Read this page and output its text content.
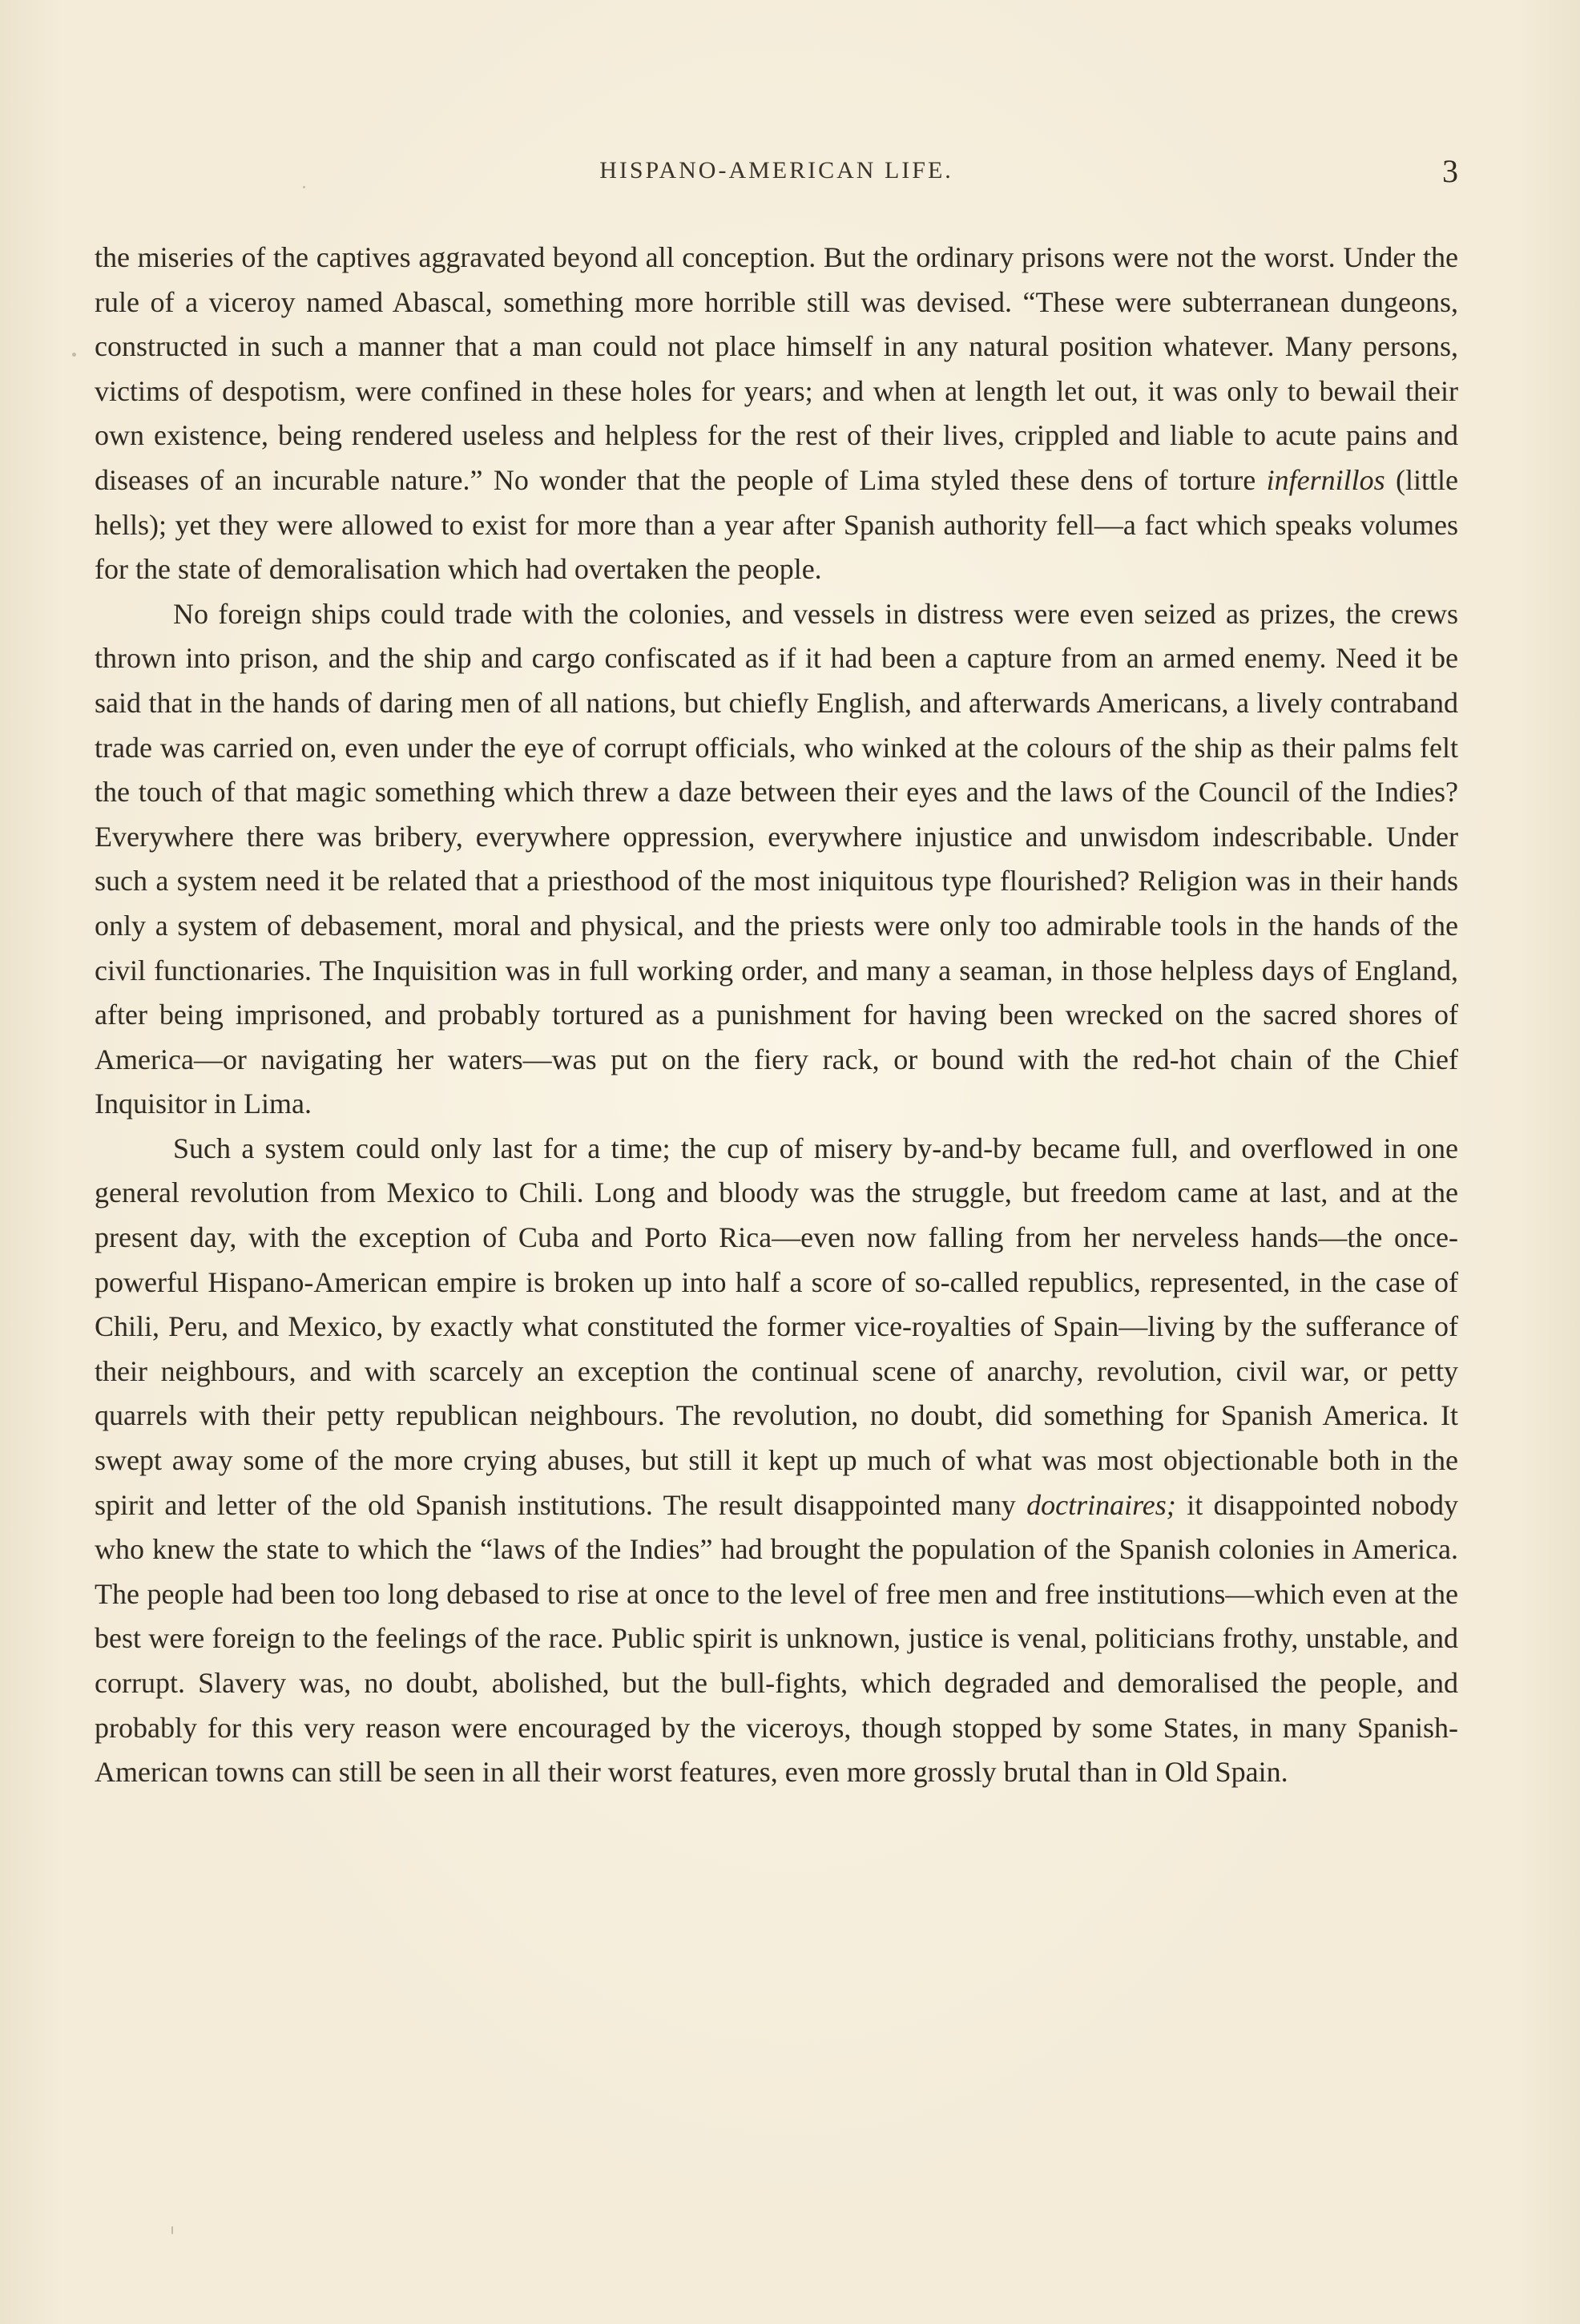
HISPANO-AMERICAN LIFE.	3

the miseries of the captives aggravated beyond all conception. But the ordinary prisons were not the worst. Under the rule of a viceroy named Abascal, something more horrible still was devised. “These were subterranean dungeons, constructed in such a manner that a man could not place himself in any natural position whatever. Many persons, victims of despotism, were confined in these holes for years; and when at length let out, it was only to bewail their own existence, being rendered useless and helpless for the rest of their lives, crippled and liable to acute pains and diseases of an incurable nature.” No wonder that the people of Lima styled these dens of torture infernillos (little hells); yet they were allowed to exist for more than a year after Spanish authority fell—a fact which speaks volumes for the state of demoralisation which had overtaken the people.

No foreign ships could trade with the colonies, and vessels in distress were even seized as prizes, the crews thrown into prison, and the ship and cargo confiscated as if it had been a capture from an armed enemy. Need it be said that in the hands of daring men of all nations, but chiefly English, and afterwards Americans, a lively contraband trade was carried on, even under the eye of corrupt officials, who winked at the colours of the ship as their palms felt the touch of that magic something which threw a daze between their eyes and the laws of the Council of the Indies? Everywhere there was bribery, everywhere oppression, everywhere injustice and unwisdom indescribable. Under such a system need it be related that a priesthood of the most iniquitous type flourished? Religion was in their hands only a system of debasement, moral and physical, and the priests were only too admirable tools in the hands of the civil functionaries. The Inquisition was in full working order, and many a seaman, in those helpless days of England, after being imprisoned, and probably tortured as a punishment for having been wrecked on the sacred shores of America—or navigating her waters—was put on the fiery rack, or bound with the red-hot chain of the Chief Inquisitor in Lima.

Such a system could only last for a time; the cup of misery by-and-by became full, and overflowed in one general revolution from Mexico to Chili. Long and bloody was the struggle, but freedom came at last, and at the present day, with the exception of Cuba and Porto Rica—even now falling from her nerveless hands—the once-powerful Hispano-American empire is broken up into half a score of so-called republics, represented, in the case of Chili, Peru, and Mexico, by exactly what constituted the former vice-royalties of Spain—living by the sufferance of their neighbours, and with scarcely an exception the continual scene of anarchy, revolution, civil war, or petty quarrels with their petty republican neighbours. The revolution, no doubt, did something for Spanish America. It swept away some of the more crying abuses, but still it kept up much of what was most objectionable both in the spirit and letter of the old Spanish institutions. The result disappointed many doctrinaires; it disappointed nobody who knew the state to which the “laws of the Indies” had brought the population of the Spanish colonies in America. The people had been too long debased to rise at once to the level of free men and free institutions—which even at the best were foreign to the feelings of the race. Public spirit is unknown, justice is venal, politicians frothy, unstable, and corrupt. Slavery was, no doubt, abolished, but the bull-fights, which degraded and demoralised the people, and probably for this very reason were encouraged by the viceroys, though stopped by some States, in many Spanish-American towns can still be seen in all their worst features, even more grossly brutal than in Old Spain.
